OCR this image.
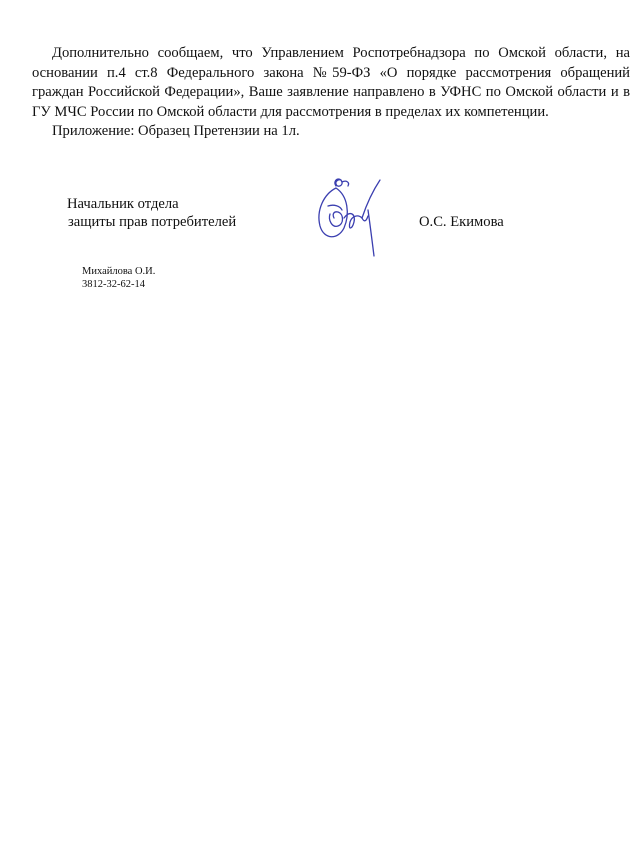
Дополнительно сообщаем, что Управлением Роспотребнадзора по Омской области, на основании п.4 ст.8 Федерального закона №59-ФЗ «О порядке рассмотрения обращений граждан Российской Федерации», Ваше заявление направлено в УФНС по Омской области и в ГУ МЧС России по Омской области для рассмотрения в пределах их компетенции.

Приложение: Образец Претензии на 1л.

Начальник отдела
защиты прав потребителей	О.С. Екимова
Михайлова О.И.
3812-32-62-14
